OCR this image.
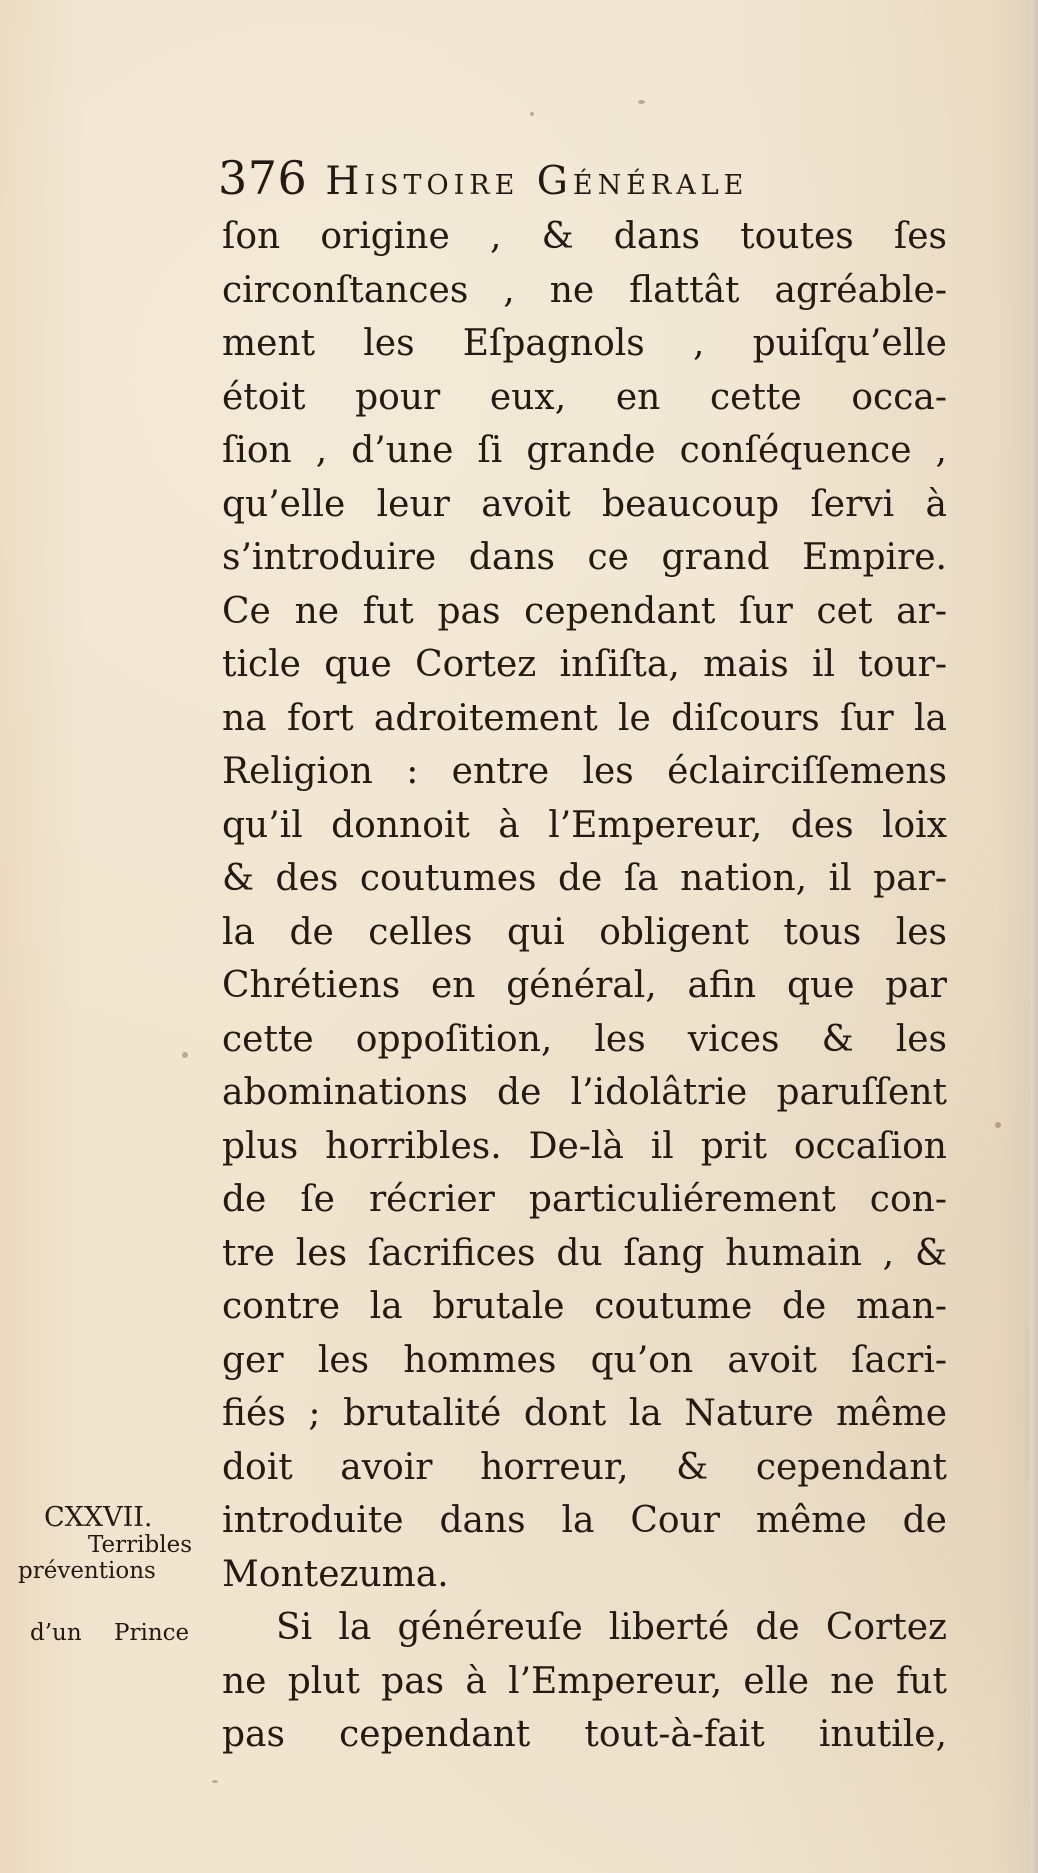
376 Histoire Générale
ſon origine , & dans toutes ſes
circonſtances , ne flattât agréable-
ment les Eſpagnols , puiſqu’elle
étoit pour eux, en cette occa-
ſion , d’une ſi grande conſéquence ,
qu’elle leur avoit beaucoup ſervi à
s’introduire dans ce grand Empire.
Ce ne fut pas cependant ſur cet ar-
ticle que Cortez inſiſta, mais il tour-
na fort adroitement le diſcours ſur la
Religion : entre les éclairciſſemens
qu’il donnoit à l’Empereur, des loix
& des coutumes de ſa nation, il par-
la de celles qui obligent tous les
Chrétiens en général, afin que par
cette oppoſition, les vices & les
abominations de l’idolâtrie paruſſent
plus horribles. De-là il prit occaſion
de ſe récrier particuliérement con-
tre les ſacrifices du ſang humain , &
contre la brutale coutume de man-
ger les hommes qu’on avoit ſacri-
fiés ; brutalité dont la Nature même
doit avoir horreur, & cependant
introduite dans la Cour même de
Montezuma.
Si la généreuſe liberté de Cortez
ne plut pas à l’Empereur, elle ne fut
pas cependant tout-à-fait inutile,
CXXVII.
Terribles
préventions
d’un Prince
